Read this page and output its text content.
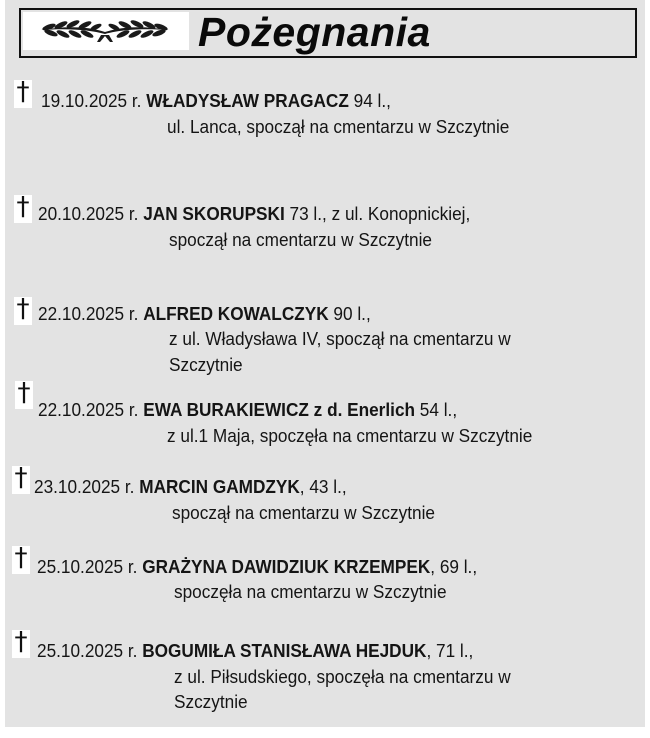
Pożegnania
† 19.10.2025 r. WŁADYSŁAW PRAGACZ 94 l.,
ul. Lanca, spoczął na cmentarzu w Szczytnie
† 20.10.2025 r. JAN SKORUPSKI 73 l., z ul. Konopnickiej,
spoczął na cmentarzu w Szczytnie
† 22.10.2025 r. ALFRED KOWALCZYK 90 l.,
z ul. Władysława IV, spoczął na cmentarzu w
Szczytnie
†
22.10.2025 r. EWA BURAKIEWICZ z d. Enerlich 54 l.,
z ul.1 Maja, spoczęła na cmentarzu w Szczytnie
† 23.10.2025 r. MARCIN GAMDZYK, 43 l.,
spoczął na cmentarzu w Szczytnie
† 25.10.2025 r. GRAŻYNA DAWIDZIUK KRZEMPEK, 69 l.,
spoczęła na cmentarzu w Szczytnie
† 25.10.2025 r. BOGUMIŁA STANISŁAWA HEJDUK, 71 l.,
z ul. Piłsudskiego, spoczęła na cmentarzu w
Szczytnie
